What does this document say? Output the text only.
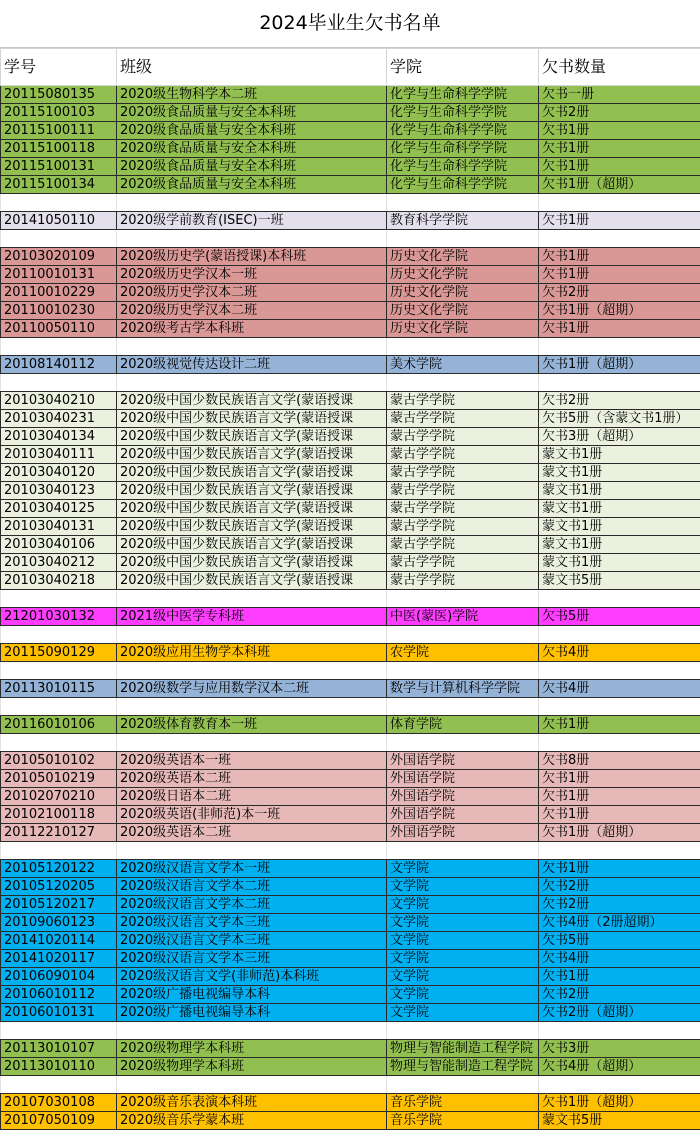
2024毕业生欠书名单
学号	班级	学院	欠书数量
20115080135	2020级生物科学本二班	化学与生命科学学院	欠书一册
20115100103	2020级食品质量与安全本科班	化学与生命科学学院	欠书2册
20115100111	2020级食品质量与安全本科班	化学与生命科学学院	欠书1册
20115100118	2020级食品质量与安全本科班	化学与生命科学学院	欠书1册
20115100131	2020级食品质量与安全本科班	化学与生命科学学院	欠书1册
20115100134	2020级食品质量与安全本科班	化学与生命科学学院	欠书1册（超期）

20141050110	2020级学前教育(ISEC)一班	教育科学学院	欠书1册

20103020109	2020级历史学(蒙语授课)本科班	历史文化学院	欠书1册
20110010131	2020级历史学汉本一班	历史文化学院	欠书1册
20110010229	2020级历史学汉本二班	历史文化学院	欠书2册
20110010230	2020级历史学汉本二班	历史文化学院	欠书1册（超期）
20110050110	2020级考古学本科班	历史文化学院	欠书1册

20108140112	2020级视觉传达设计二班	美术学院	欠书1册（超期）

20103040210	2020级中国少数民族语言文学(蒙语授课	蒙古学学院	欠书2册
20103040231	2020级中国少数民族语言文学(蒙语授课	蒙古学学院	欠书5册（含蒙文书1册）
20103040134	2020级中国少数民族语言文学(蒙语授课	蒙古学学院	欠书3册（超期）
20103040111	2020级中国少数民族语言文学(蒙语授课	蒙古学学院	蒙文书1册
20103040120	2020级中国少数民族语言文学(蒙语授课	蒙古学学院	蒙文书1册
20103040123	2020级中国少数民族语言文学(蒙语授课	蒙古学学院	蒙文书1册
20103040125	2020级中国少数民族语言文学(蒙语授课	蒙古学学院	蒙文书1册
20103040131	2020级中国少数民族语言文学(蒙语授课	蒙古学学院	蒙文书1册
20103040106	2020级中国少数民族语言文学(蒙语授课	蒙古学学院	蒙文书1册
20103040212	2020级中国少数民族语言文学(蒙语授课	蒙古学学院	蒙文书1册
20103040218	2020级中国少数民族语言文学(蒙语授课	蒙古学学院	蒙文书5册

21201030132	2021级中医学专科班	中医(蒙医)学院	欠书5册

20115090129	2020级应用生物学本科班	农学院	欠书4册

20113010115	2020级数学与应用数学汉本二班	数学与计算机科学学院	欠书4册

20116010106	2020级体育教育本一班	体育学院	欠书1册

20105010102	2020级英语本一班	外国语学院	欠书8册
20105010219	2020级英语本二班	外国语学院	欠书1册
20102070210	2020级日语本二班	外国语学院	欠书1册
20102100118	2020级英语(非师范)本一班	外国语学院	欠书1册
20112210127	2020级英语本二班	外国语学院	欠书1册（超期）

20105120122	2020级汉语言文学本一班	文学院	欠书1册
20105120205	2020级汉语言文学本二班	文学院	欠书2册
20105120217	2020级汉语言文学本二班	文学院	欠书2册
20109060123	2020级汉语言文学本三班	文学院	欠书4册（2册超期）
20141020114	2020级汉语言文学本三班	文学院	欠书5册
20141020117	2020级汉语言文学本三班	文学院	欠书4册
20106090104	2020级汉语言文学(非师范)本科班	文学院	欠书1册
20106010112	2020级广播电视编导本科	文学院	欠书2册
20106010131	2020级广播电视编导本科	文学院	欠书2册（超期）

20113010107	2020级物理学本科班	物理与智能制造工程学院	欠书3册
20113010110	2020级物理学本科班	物理与智能制造工程学院	欠书4册（超期）

20107030108	2020级音乐表演本科班	音乐学院	欠书1册（超期）
20107050109	2020级音乐学蒙本班	音乐学院	蒙文书5册
